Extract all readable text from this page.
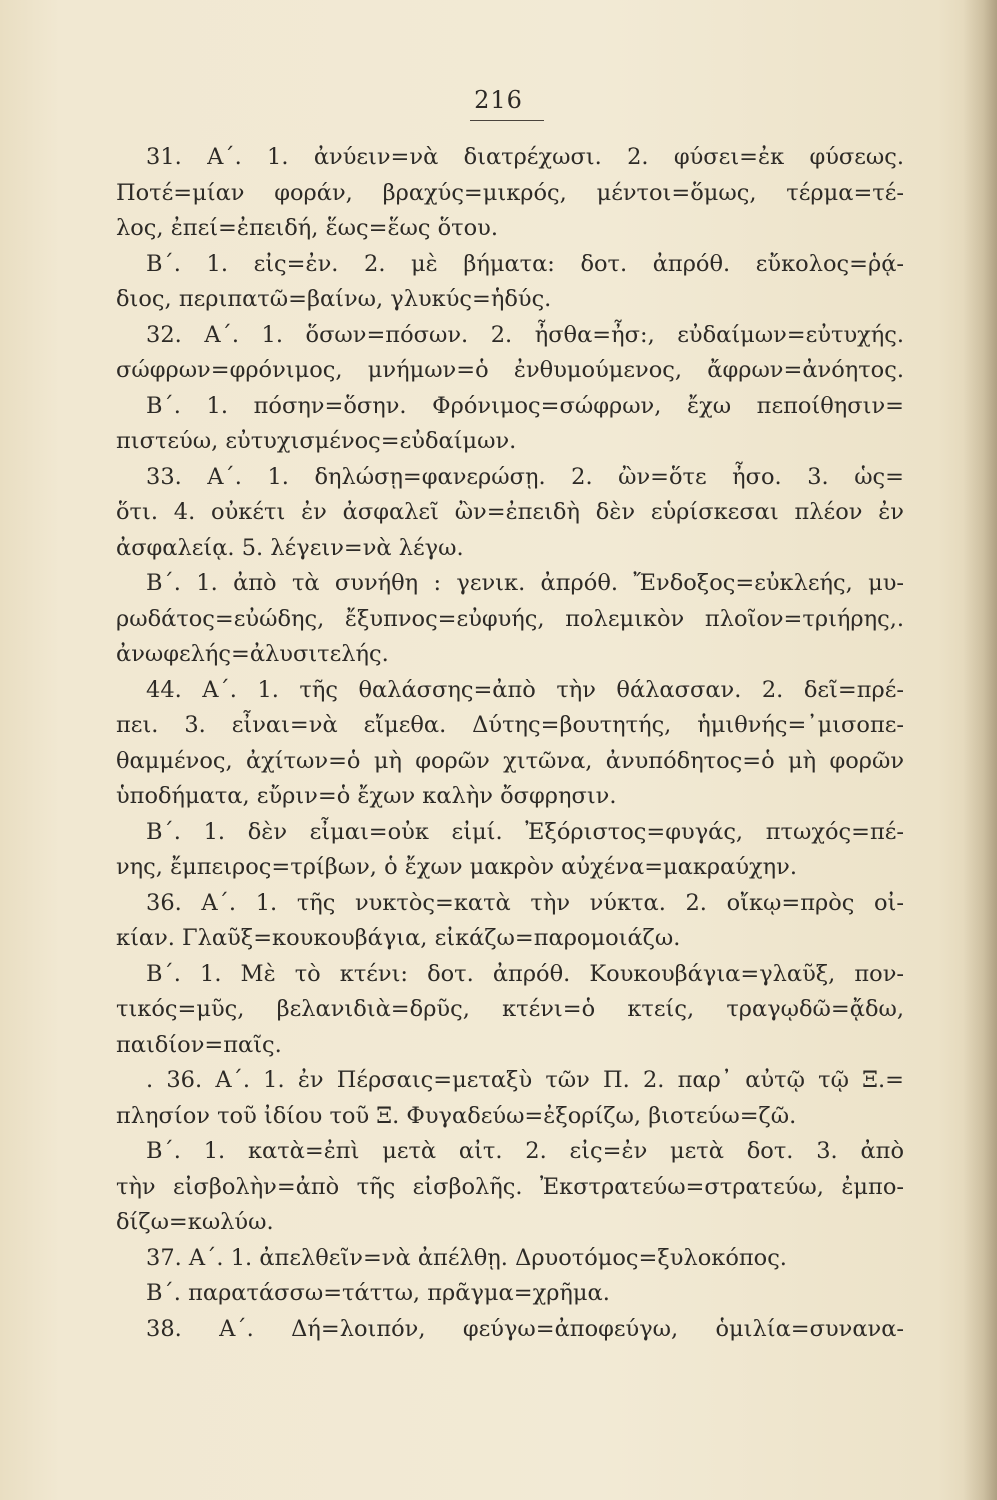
216
31. Α΄. 1. ἀνύειν=νὰ διατρέχωσι. 2. φύσει=ἐκ φύσεως.
Ποτέ=μίαν φοράν, βραχύς=μικρός, μέντοι=ὅμως, τέρμα=τέ-
λος, ἐπεί=ἐπειδή, ἕως=ἕως ὅτου.
Β΄. 1. εἰς=ἐν. 2. μὲ βήματα: δοτ. ἀπρόθ. εὔκολος=ῥᾴ-
διος, περιπατῶ=βαίνω, γλυκύς=ἡδύς.
32. Α΄. 1. ὅσων=πόσων. 2. ἦσθα=ἦσ:, εὐδαίμων=εὐτυχής.
σώφρων=φρόνιμος, μνήμων=ὁ ἐνθυμούμενος, ἄφρων=ἀνόητος.
Β΄. 1. πόσην=ὅσην. Φρόνιμος=σώφρων, ἔχω πεποίθησιν=
πιστεύω, εὐτυχισμένος=εὐδαίμων.
33. Α΄. 1. δηλώσῃ=φανερώσῃ. 2. ὢν=ὅτε ἦσο. 3. ὡς=
ὅτι. 4. οὐκέτι ἐν ἀσφαλεῖ ὢν=ἐπειδὴ δὲν εὑρίσκεσαι πλέον ἐν
ἀσφαλείᾳ. 5. λέγειν=νὰ λέγω.
Β΄. 1. ἀπὸ τὰ συνήθη : γενικ. ἀπρόθ. Ἔνδοξος=εὐκλεής, μυ-
ρωδάτος=εὐώδης, ἔξυπνος=εὐφυής, πολεμικὸν πλοῖον=τριήρης,.
ἀνωφελής=ἀλυσιτελής.
44. Α΄. 1. τῆς θαλάσσης=ἀπὸ τὴν θάλασσαν. 2. δεῖ=πρέ-
πει. 3. εἶναι=νὰ εἴμεθα. Δύτης=βουτητής, ἡμιθνής=᾽μισοπε-
θαμμένος, ἀχίτων=ὁ μὴ φορῶν χιτῶνα, ἀνυπόδητος=ὁ μὴ φορῶν
ὑποδήματα, εὔριν=ὁ ἔχων καλὴν ὄσφρησιν.
Β΄. 1. δὲν εἶμαι=οὐκ εἰμί. Ἐξόριστος=φυγάς, πτωχός=πέ-
νης, ἔμπειρος=τρίβων, ὁ ἔχων μακρὸν αὐχένα=μακραύχην.
36. Α΄. 1. τῆς νυκτὸς=κατὰ τὴν νύκτα. 2. οἴκῳ=πρὸς οἰ-
κίαν. Γλαῦξ=κουκουβάγια, εἰκάζω=παρομοιάζω.
Β΄. 1. Μὲ τὸ κτένι: δοτ. ἀπρόθ. Κουκουβάγια=γλαῦξ, πον-
τικός=μῦς, βελανιδιὰ=δρῦς, κτένι=ὁ κτείς, τραγῳδῶ=ᾄδω,
παιδίον=παῖς.
. 36. Α΄. 1. ἐν Πέρσαις=μεταξὺ τῶν Π. 2. παρ᾽ αὐτῷ τῷ Ξ.=
πλησίον τοῦ ἰδίου τοῦ Ξ. Φυγαδεύω=ἐξορίζω, βιοτεύω=ζῶ.
Β΄. 1. κατὰ=ἐπὶ μετὰ αἰτ. 2. εἰς=ἐν μετὰ δοτ. 3. ἀπὸ
τὴν εἰσβολὴν=ἀπὸ τῆς εἰσβολῆς. Ἐκστρατεύω=στρατεύω, ἐμπο-
δίζω=κωλύω.
37. Α΄. 1. ἀπελθεῖν=νὰ ἀπέλθῃ. Δρυοτόμος=ξυλοκόπος.
Β΄. παρατάσσω=τάττω, πρᾶγμα=χρῆμα.
38. Α΄. Δή=λοιπόν, φεύγω=ἀποφεύγω, ὁμιλία=συνανα-
